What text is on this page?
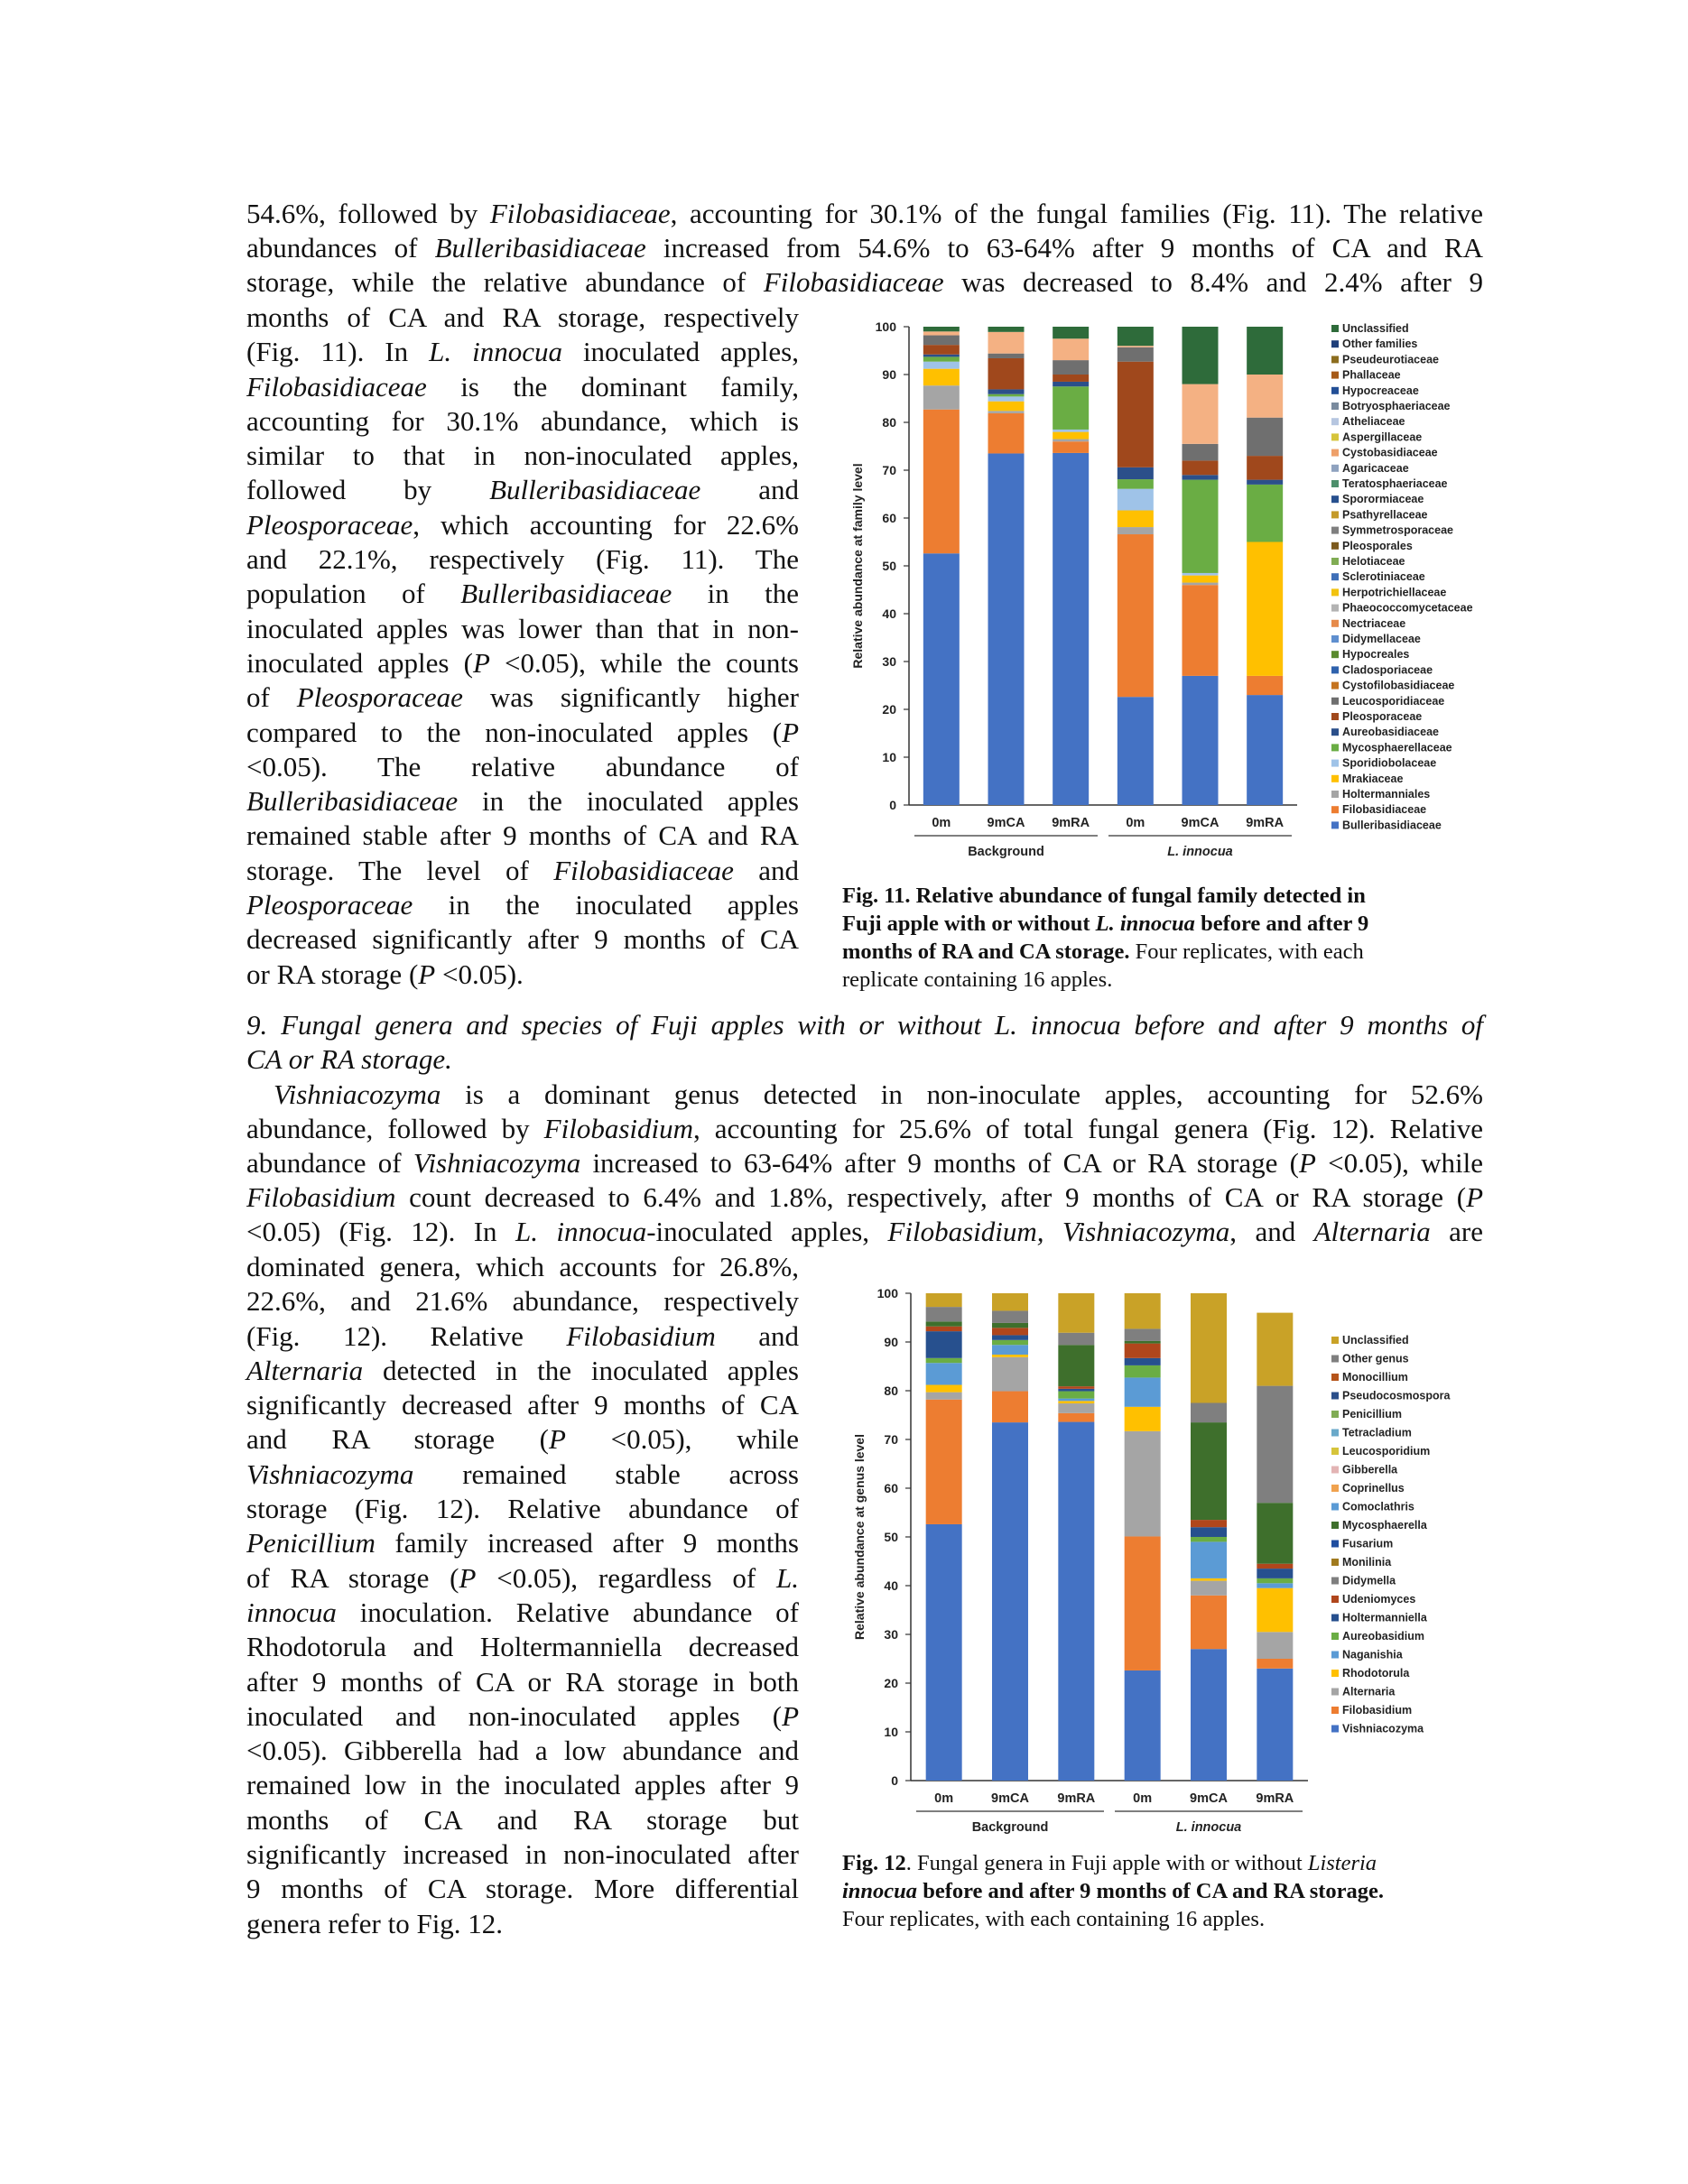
54.6%, followed by Filobasidiaceae, accounting for 30.1% of the fungal families (Fig. 11). The relative
abundances of Bulleribasidiaceae increased from 54.6% to 63-64% after 9 months of CA and RA
storage, while the relative abundance of Filobasidiaceae was decreased to 8.4% and 2.4% after 9
months of CA and RA storage, respectively
(Fig. 11). In L. innocua inoculated apples,
Filobasidiaceae is the dominant family,
accounting for 30.1% abundance, which is
similar to that in non-inoculated apples,
followed by Bulleribasidiaceae and
Pleosporaceae, which accounting for 22.6%
and 22.1%, respectively (Fig. 11). The
population of Bulleribasidiaceae in the
inoculated apples was lower than that in non-
inoculated apples (P <0.05), while the counts
of Pleosporaceae was significantly higher
compared to the non-inoculated apples (P
<0.05). The relative abundance of
Bulleribasidiaceae in the inoculated apples
remained stable after 9 months of CA and RA
storage. The level of Filobasidiaceae and
Pleosporaceae in the inoculated apples
decreased significantly after 9 months of CA
or RA storage (P <0.05).
0
10
20
30
40
50
60
70
80
90
100
Relative abundance at family level
0m	9mCA 9mRA	0m	9mCA 9mRA
Background	L. innocua
Unclassified
Other families
Pseudeurotiaceae
Phallaceae
Hypocreaceae
Botryosphaeriaceae
Atheliaceae
Aspergillaceae
Cystobasidiaceae
Agaricaceae
Teratosphaeriaceae
Sporormiaceae
Psathyrellaceae
Symmetrosporaceae
Pleosporales
Helotiaceae
Sclerotiniaceae
Herpotrichiellaceae
Phaeococcomycetaceae
Nectriaceae
Didymellaceae
Hypocreales
Cladosporiaceae
Cystofilobasidiaceae
Leucosporidiaceae
Pleosporaceae
Aureobasidiaceae
Mycosphaerellaceae
Sporidiobolaceae
Mrakiaceae
Holtermanniales
Filobasidiaceae
Bulleribasidiaceae
Fig. 11. Relative abundance of fungal family detected in
Fuji apple with or without L. innocua before and after 9
months of RA and CA storage. Four replicates, with each
replicate containing 16 apples.
9. Fungal genera and species of Fuji apples with or without L. innocua before and after 9 months of
CA or RA storage.
Vishniacozyma is a dominant genus detected in non-inoculate apples, accounting for 52.6%
abundance, followed by Filobasidium, accounting for 25.6% of total fungal genera (Fig. 12). Relative
abundance of Vishniacozyma increased to 63-64% after 9 months of CA or RA storage (P <0.05), while
Filobasidium count decreased to 6.4% and 1.8%, respectively, after 9 months of CA or RA storage (P
<0.05) (Fig. 12). In L. innocua-inoculated apples, Filobasidium, Vishniacozyma, and Alternaria are
dominated genera, which accounts for 26.8%,
22.6%, and 21.6% abundance, respectively
(Fig. 12). Relative Filobasidium and
Alternaria detected in the inoculated apples
significantly decreased after 9 months of CA
and RA storage (P <0.05), while
Vishniacozyma remained stable across
storage (Fig. 12). Relative abundance of
Penicillium family increased after 9 months
of RA storage (P <0.05), regardless of L.
innocua inoculation. Relative abundance of
Rhodotorula and Holtermanniella decreased
after 9 months of CA or RA storage in both
inoculated and non-inoculated apples (P
<0.05). Gibberella had a low abundance and
remained low in the inoculated apples after 9
months of CA and RA storage but
significantly increased in non-inoculated after
9 months of CA storage. More differential
genera refer to Fig. 12.
0
10
20
30
40
50
60
70
80
90
100
Relative abundance at genus level
0m	9mCA 9mRA	0m	9mCA 9mRA
Background	L. innocua
Unclassified
Other genus
Monocillium
Pseudocosmospora
Penicillium
Tetracladium
Leucosporidium
Gibberella
Coprinellus
Comoclathris
Mycosphaerella
Fusarium
Monilinia
Didymella
Udeniomyces
Holtermanniella
Aureobasidium
Naganishia
Rhodotorula
Alternaria
Filobasidium
Vishniacozyma
Fig. 12. Fungal genera in Fuji apple with or without Listeria
innocua before and after 9 months of CA and RA storage.
Four replicates, with each containing 16 apples.
